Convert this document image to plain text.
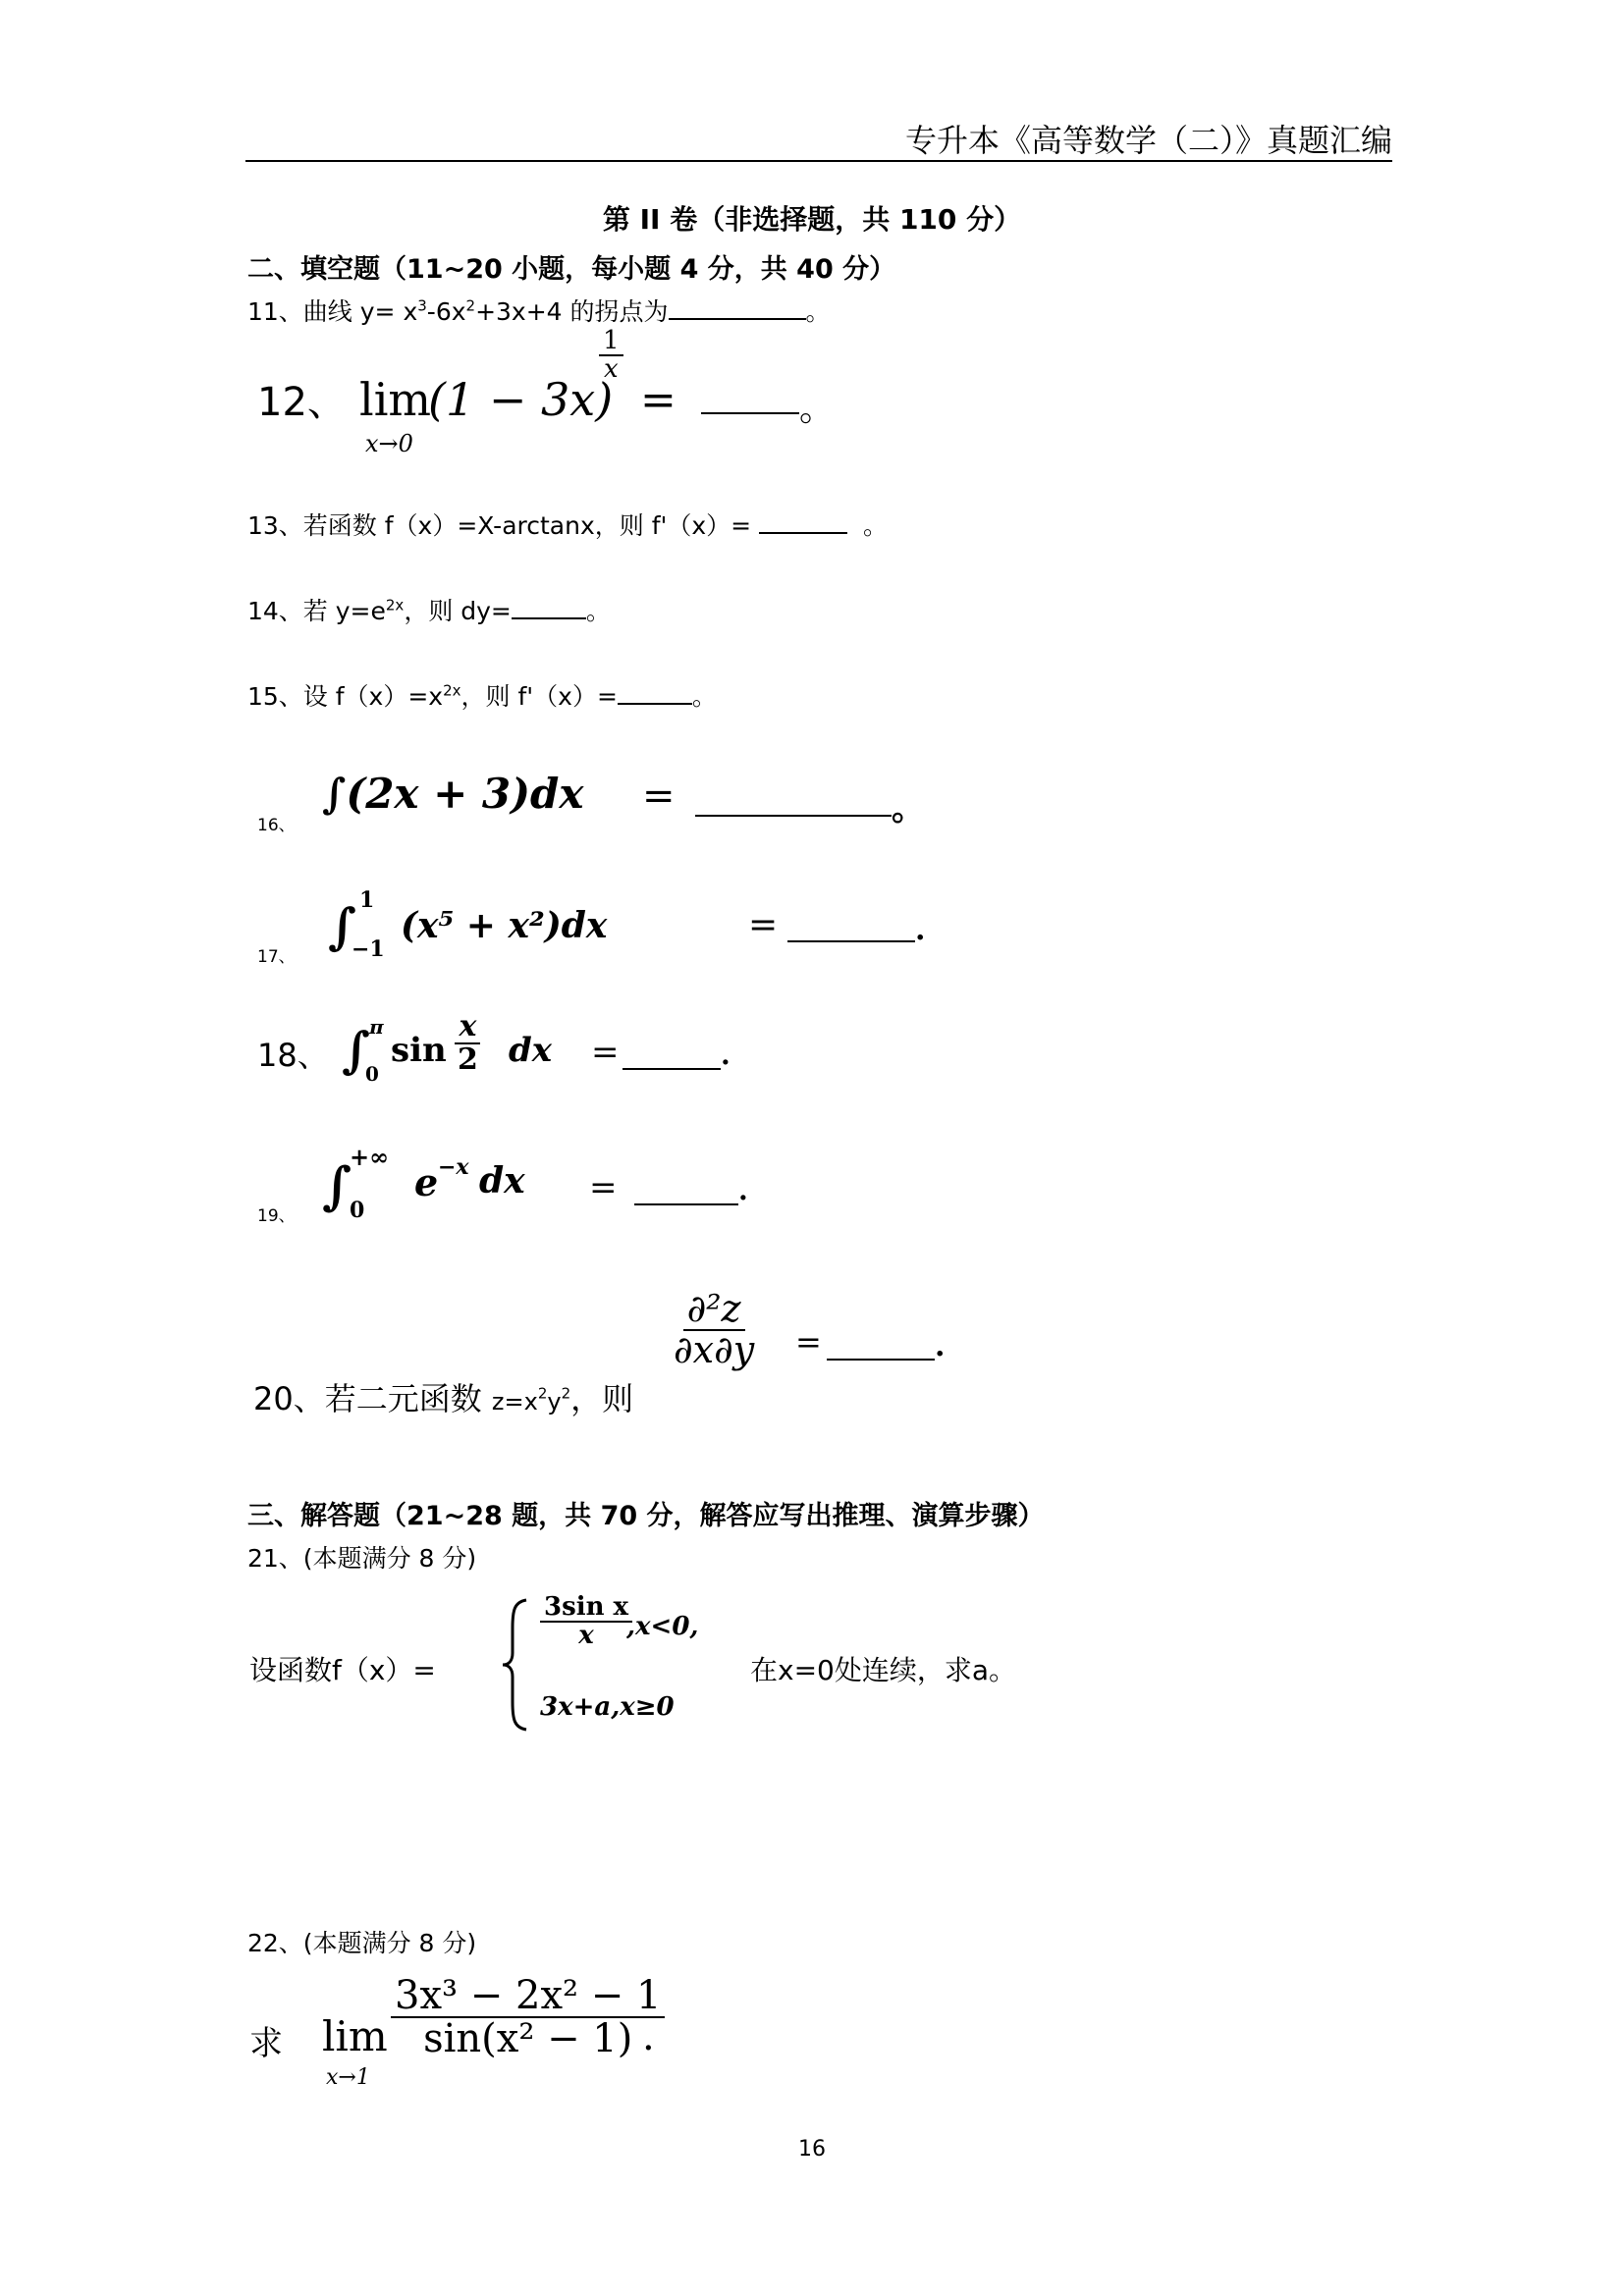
专升本《高等数学（二）》真题汇编
第 II 卷（非选择题，共 110 分）
二、填空题（11~20 小题，每小题 4 分，共 40 分）
11、曲线 $y= x^3-6x^2+3x+4$ 的拐点为	。
12、 lim
x→0
(1 − 3x)
$\frac{1}{x}$
=	。
13、若函数 f（x）=X-arctanx，则 f'（x）=	。
14、若 $y=e^{2x}$，则 dy=	。
15、设 $f(x)=x^{2x}$，则 f'（x）=	。
16、
∫(2x + 3)dx =	。
17、
∫ 1
−1
(x⁵ + x²)dx	=	.
18、 ∫ π
0
$\sin \frac{x}{2}$ dx =	.
19、 ∫
+∞
0
e −x dx =	.
20、若二元函数 $z=x^2y^2$，则
$\frac{\text{∂²z}}{\partial x\partial y}$ =	.
三、解答题（21~28 题，共 70 分，解答应写出推理、演算步骤）
21、(本题满分 8 分)
设函数f（x）=
$\frac{\text{3sin x}}{x}$
,x<0,
3x+a,x≥0
在x=0处连续，求a。
22、(本题满分 8 分)
求 lim
x→1
$\frac{\text{3x³ − 2x² − 1}}{\text{sin(x² − 1)}}$
.
16
